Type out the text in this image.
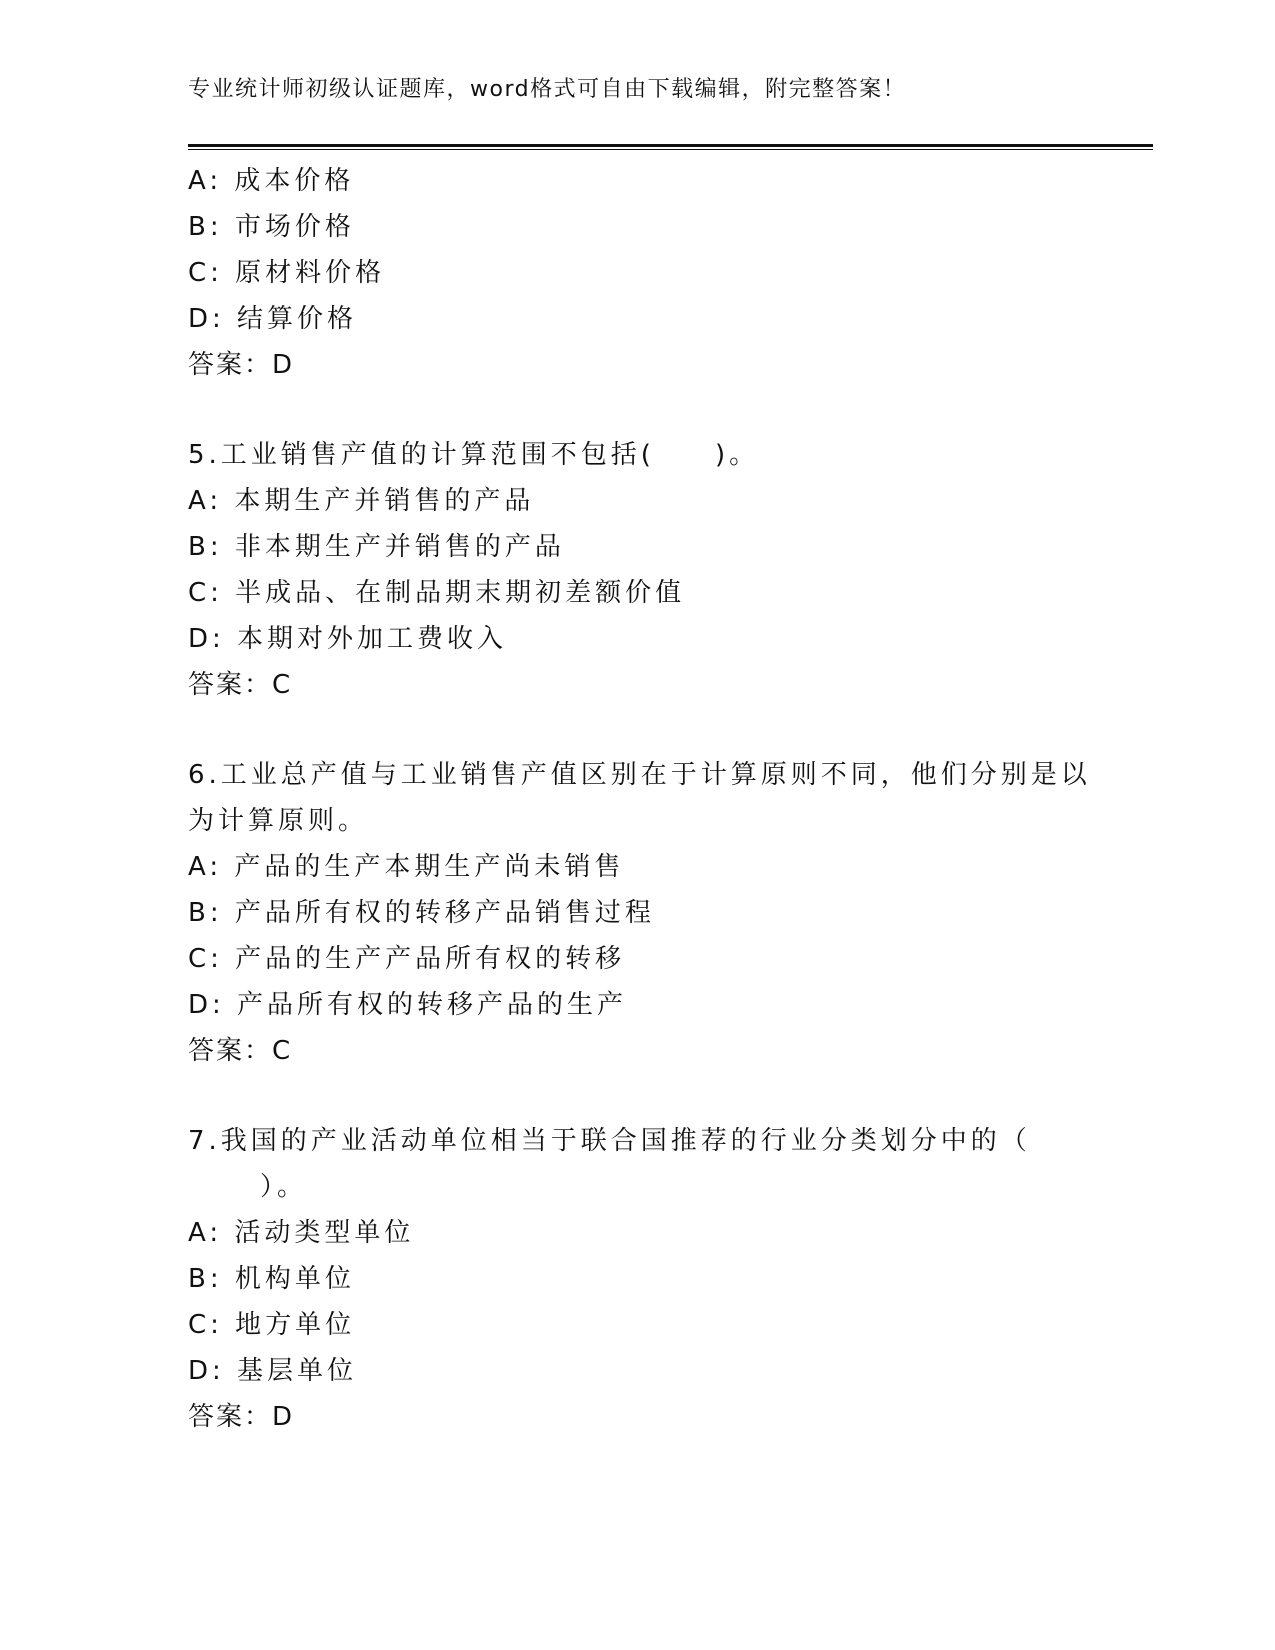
专业统计师初级认证题库，word格式可自由下载编辑，附完整答案！

A: 成本价格

B: 市场价格

C: 原材料价格

D: 结算价格

答案：D

5.工业销售产值的计算范围不包括(　　)。

A: 本期生产并销售的产品

B: 非本期生产并销售的产品

C: 半成品、在制品期末期初差额价值

D: 本期对外加工费收入

答案：C

6.工业总产值与工业销售产值区别在于计算原则不同，他们分别是以

为计算原则。

A: 产品的生产本期生产尚未销售

B: 产品所有权的转移产品销售过程

C: 产品的生产产品所有权的转移

D: 产品所有权的转移产品的生产

答案：C

7.我国的产业活动单位相当于联合国推荐的行业分类划分中的（

）。

A: 活动类型单位

B: 机构单位

C: 地方单位

D: 基层单位

答案：D
